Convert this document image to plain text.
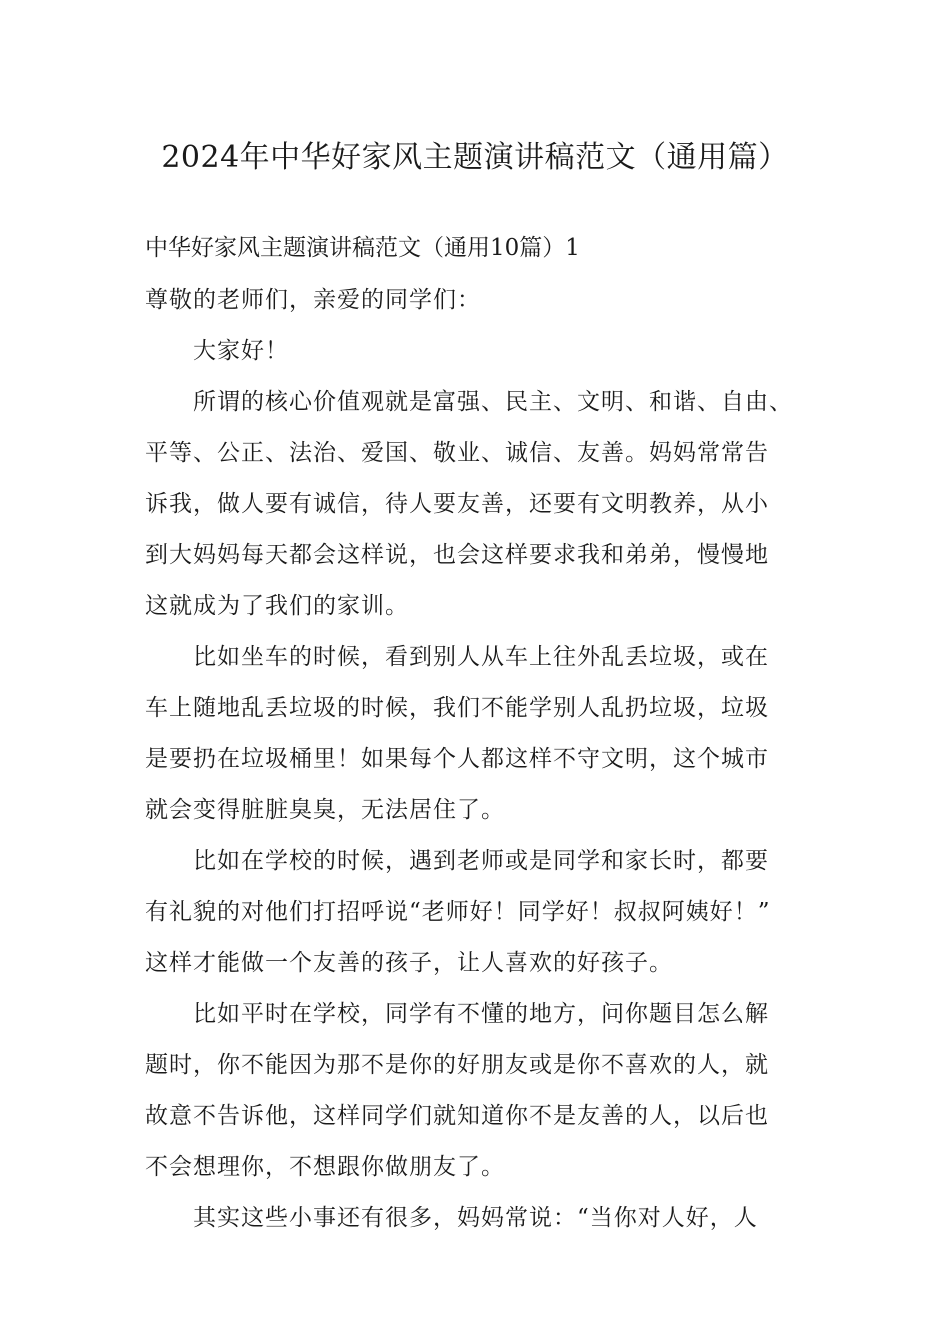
2024年中华好家风主题演讲稿范文（通用篇）

中华好家风主题演讲稿范文（通用10篇）1

尊敬的老师们，亲爱的同学们：

大家好！

所谓的核心价值观就是富强、民主、文明、和谐、自由、

平等、公正、法治、爱国、敬业、诚信、友善。妈妈常常告

诉我，做人要有诚信，待人要友善，还要有文明教养，从小

到大妈妈每天都会这样说，也会这样要求我和弟弟，慢慢地

这就成为了我们的家训。

比如坐车的时候，看到别人从车上往外乱丢垃圾，或在

车上随地乱丢垃圾的时候，我们不能学别人乱扔垃圾，垃圾

是要扔在垃圾桶里！如果每个人都这样不守文明，这个城市

就会变得脏脏臭臭，无法居住了。

比如在学校的时候，遇到老师或是同学和家长时，都要

有礼貌的对他们打招呼说“老师好！同学好！叔叔阿姨好！”

这样才能做一个友善的孩子，让人喜欢的好孩子。

比如平时在学校，同学有不懂的地方，问你题目怎么解

题时，你不能因为那不是你的好朋友或是你不喜欢的人，就

故意不告诉他，这样同学们就知道你不是友善的人，以后也

不会想理你，不想跟你做朋友了。

其实这些小事还有很多，妈妈常说：“当你对人好，人
